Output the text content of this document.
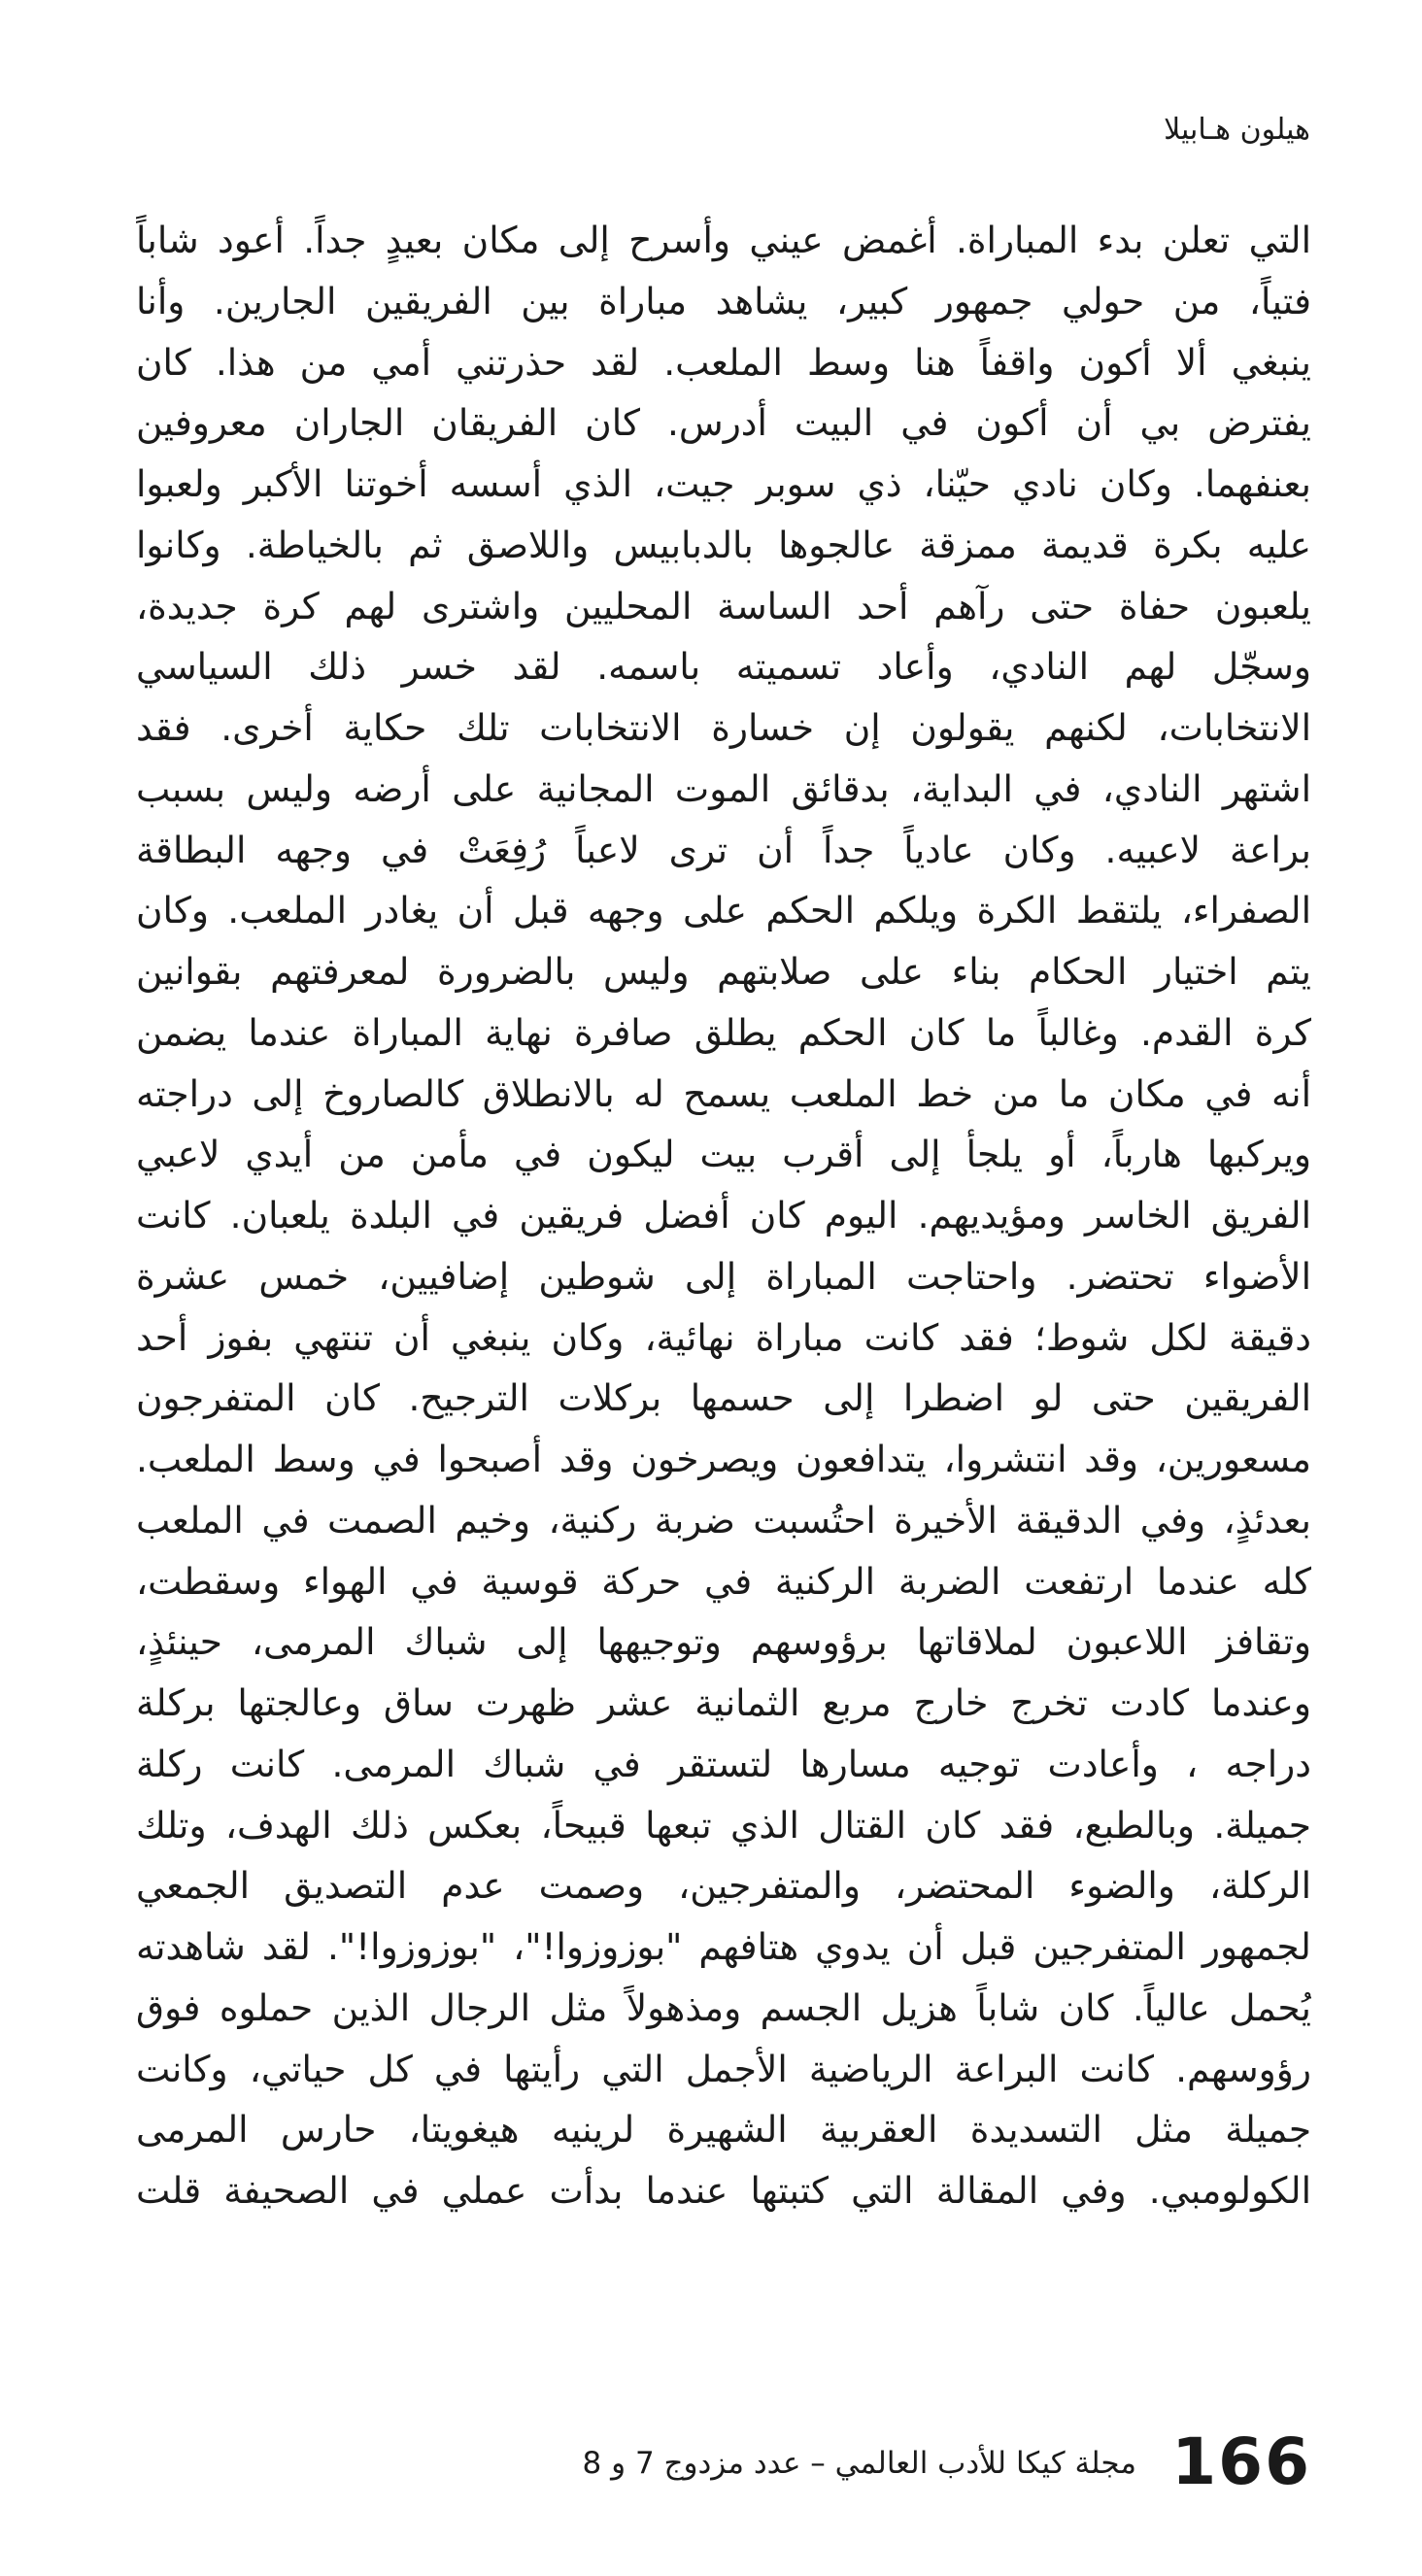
هيلون هـابيلا
التي تعلن بدء المباراة. أغمض عيني وأسرح إلى مكان بعيدٍ جداً. أعود شاباً
فتياً، من حولي جمهور كبير، يشاهد مباراة بين الفريقين الجارين. وأنا
ينبغي ألا أكون واقفاً هنا وسط الملعب. لقد حذرتني أمي من هذا. كان
يفترض بي أن أكون في البيت أدرس. كان الفريقان الجاران معروفين
بعنفهما. وكان نادي حيّنا، ذي سوبر جيت، الذي أسسه أخوتنا الأكبر ولعبوا
عليه بكرة قديمة ممزقة عالجوها بالدبابيس واللاصق ثم بالخياطة. وكانوا
يلعبون حفاة حتى رآهم أحد الساسة المحليين واشترى لهم كرة جديدة،
وسجّل لهم النادي، وأعاد تسميته باسمه. لقد خسر ذلك السياسي
الانتخابات، لكنهم يقولون إن خسارة الانتخابات تلك حكاية أخرى. فقد
اشتهر النادي، في البداية، بدقائق الموت المجانية على أرضه وليس بسبب
براعة لاعبيه. وكان عادياً جداً أن ترى لاعباً رُفِعَتْ في وجهه البطاقة
الصفراء، يلتقط الكرة ويلكم الحكم على وجهه قبل أن يغادر الملعب. وكان
يتم اختيار الحكام بناء على صلابتهم وليس بالضرورة لمعرفتهم بقوانين
كرة القدم. وغالباً ما كان الحكم يطلق صافرة نهاية المباراة عندما يضمن
أنه في مكان ما من خط الملعب يسمح له بالانطلاق كالصاروخ إلى دراجته
ويركبها هارباً، أو يلجأ إلى أقرب بيت ليكون في مأمن من أيدي لاعبي
الفريق الخاسر ومؤيديهم. اليوم كان أفضل فريقين في البلدة يلعبان. كانت
الأضواء تحتضر. واحتاجت المباراة إلى شوطين إضافيين، خمس عشرة
دقيقة لكل شوط؛ فقد كانت مباراة نهائية، وكان ينبغي أن تنتهي بفوز أحد
الفريقين حتى لو اضطرا إلى حسمها بركلات الترجيح. كان المتفرجون
مسعورين، وقد انتشروا، يتدافعون ويصرخون وقد أصبحوا في وسط الملعب.
بعدئذٍ، وفي الدقيقة الأخيرة احتُسبت ضربة ركنية، وخيم الصمت في الملعب
كله عندما ارتفعت الضربة الركنية في حركة قوسية في الهواء وسقطت،
وتقافز اللاعبون لملاقاتها برؤوسهم وتوجيهها إلى شباك المرمى، حينئذٍ،
وعندما كادت تخرج خارج مربع الثمانية عشر ظهرت ساق وعالجتها بركلة
دراجه ، وأعادت توجيه مسارها لتستقر في شباك المرمى. كانت ركلة
جميلة. وبالطبع، فقد كان القتال الذي تبعها قبيحاً، بعكس ذلك الهدف، وتلك
الركلة، والضوء المحتضر، والمتفرجين، وصمت عدم التصديق الجمعي
لجمهور المتفرجين قبل أن يدوي هتافهم "بوزوزوا!"، "بوزوزوا!". لقد شاهدته
يُحمل عالياً. كان شاباً هزيل الجسم ومذهولاً مثل الرجال الذين حملوه فوق
رؤوسهم. كانت البراعة الرياضية الأجمل التي رأيتها في كل حياتي، وكانت
جميلة مثل التسديدة العقربية الشهيرة لرينيه هيغويتا، حارس المرمى
الكولومبي. وفي المقالة التي كتبتها عندما بدأت عملي في الصحيفة قلت
166
مجلة كيكا للأدب العالمي – عدد مزدوج 7 و 8
